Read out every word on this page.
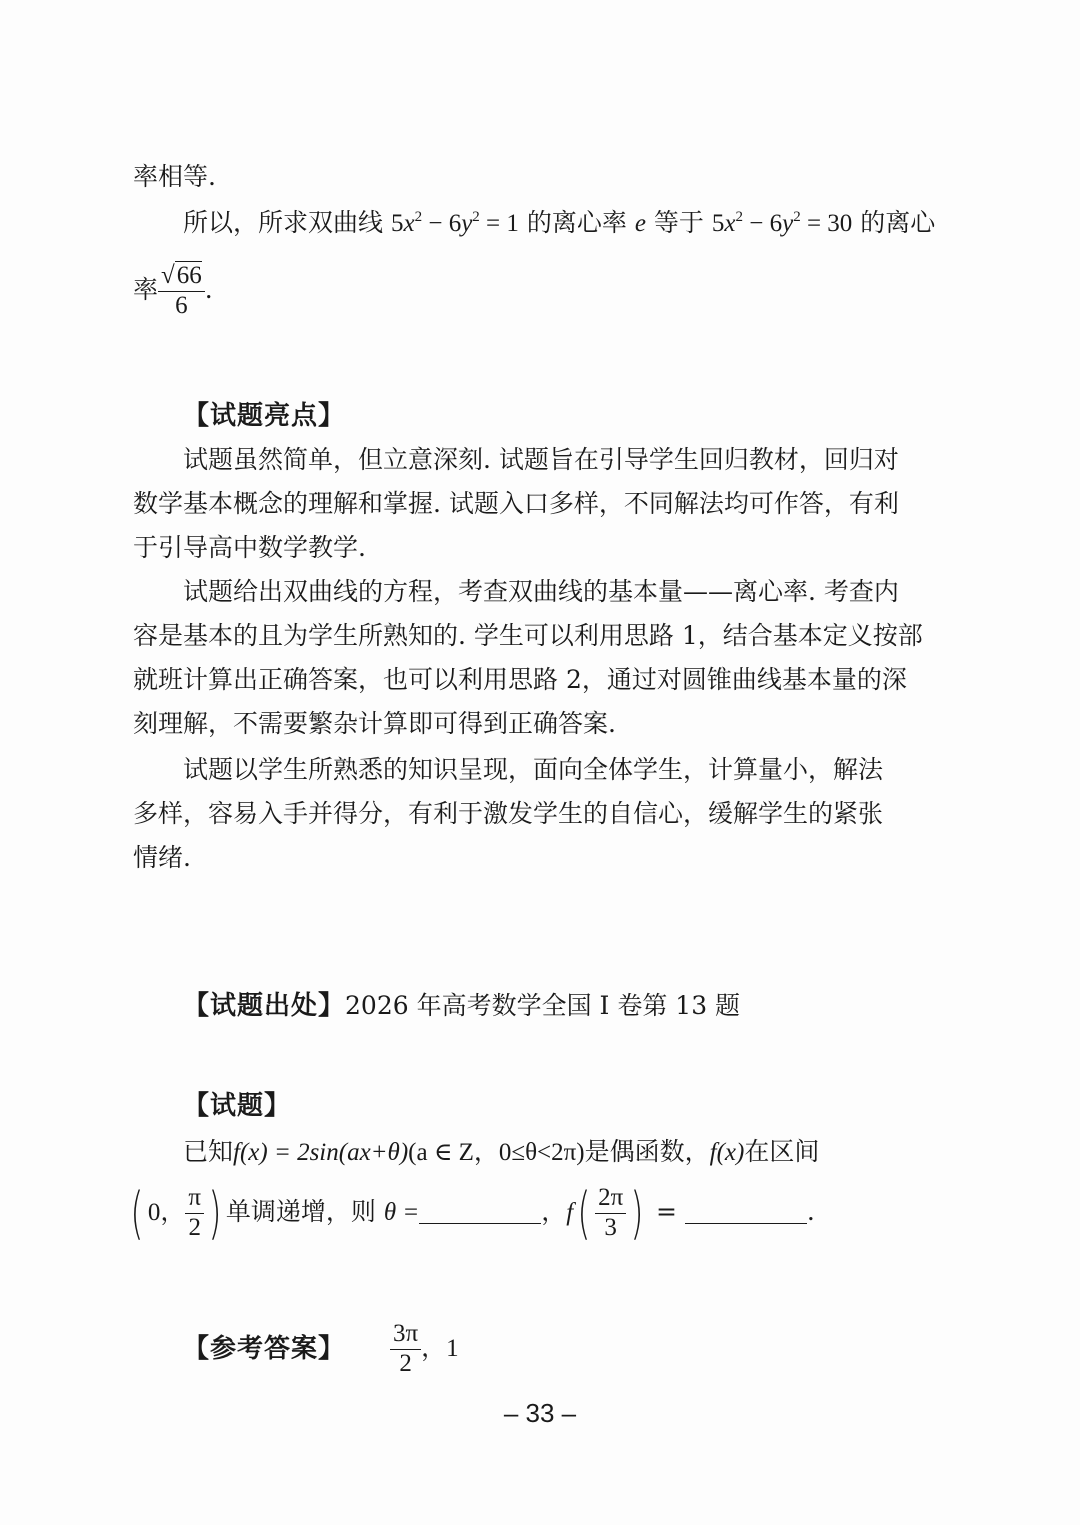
率相等.
所以，所求双曲线 $5x^2 - 6y^2 = 1$ 的离心率 e 等于 $5x^2 - 6y^2 = 30$ 的离心
率 $\frac{√66}{6}$ .
【试题亮点】
试题虽然简单，但立意深刻. 试题旨在引导学生回归教材，回归对
数学基本概念的理解和掌握. 试题入口多样，不同解法均可作答，有利
于引导高中数学教学.
试题给出双曲线的方程，考查双曲线的基本量——离心率. 考查内
容是基本的且为学生所熟知的. 学生可以利用思路 1，结合基本定义按部
就班计算出正确答案，也可以利用思路 2，通过对圆锥曲线基本量的深
刻理解，不需要繁杂计算即可得到正确答案.
试题以学生所熟悉的知识呈现，面向全体学生，计算量小，解法
多样，容易入手并得分，有利于激发学生的自信心，缓解学生的紧张
情绪.
【试题出处】2026 年高考数学全国 I 卷第 13 题
【试题】
已知f(x) = 2sin(ax+θ)(a ∈ Z，0≤θ<2π)是偶函数，f(x)在区间
( 0， $\frac{\pi}{2}$ ) 单调递增，则 θ =	，$f( \frac{2\pi}{3}$ ) =	.
【参考答案】 $\frac{3\pi}{2}$ ，1
– 33 –
